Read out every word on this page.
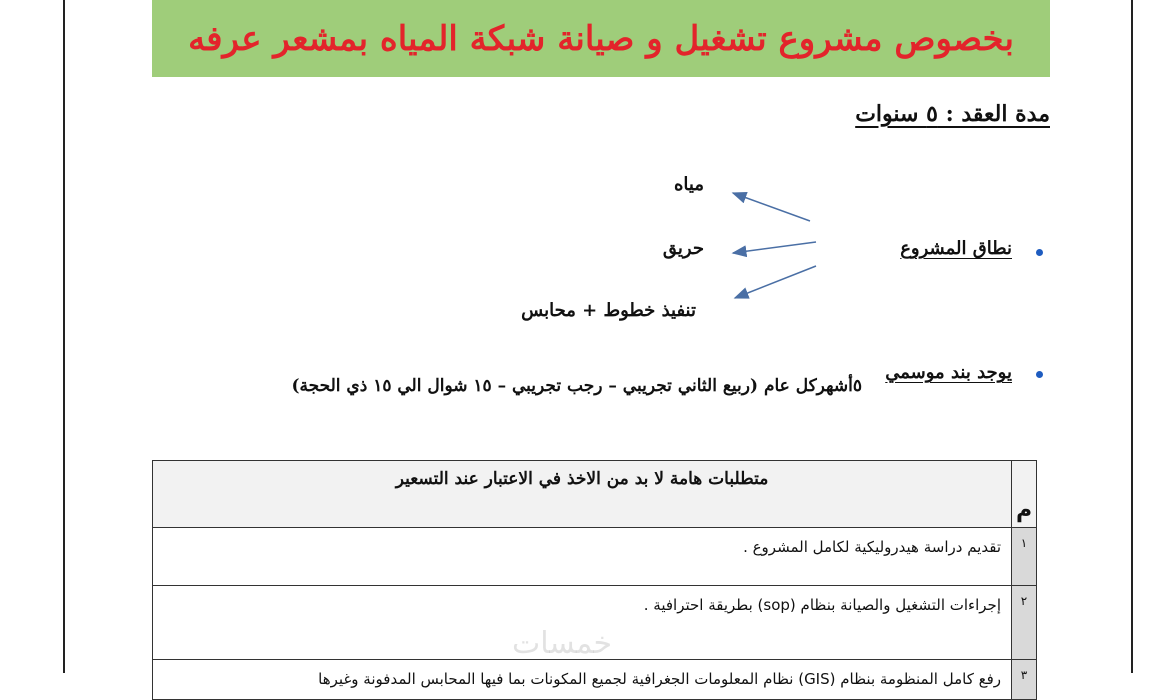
بخصوص مشروع تشغيل و صيانة شبكة المياه بمشعر عرفه
مدة العقد : ٥ سنوات
نطاق المشروع
مياه
حريق
تنفيذ خطوط + محابس
يوجد بند موسمي
٥أشهركل عام (ربيع الثاني تجريبي – رجب تجريبي – ١٥ شوال الي ١٥ ذي الحجة)
م	متطلبات هامة لا بد من الاخذ في الاعتبار عند التسعير
١	تقديم دراسة هيدروليكية لكامل المشروع .
٢	إجراءات التشغيل والصيانة بنظام (sop) بطريقة احترافية .
٣	رفع كامل المنظومة بنظام (GIS) نظام المعلومات الجغرافية لجميع المكونات بما فيها المحابس المدفونة وغيرها
خمسات
